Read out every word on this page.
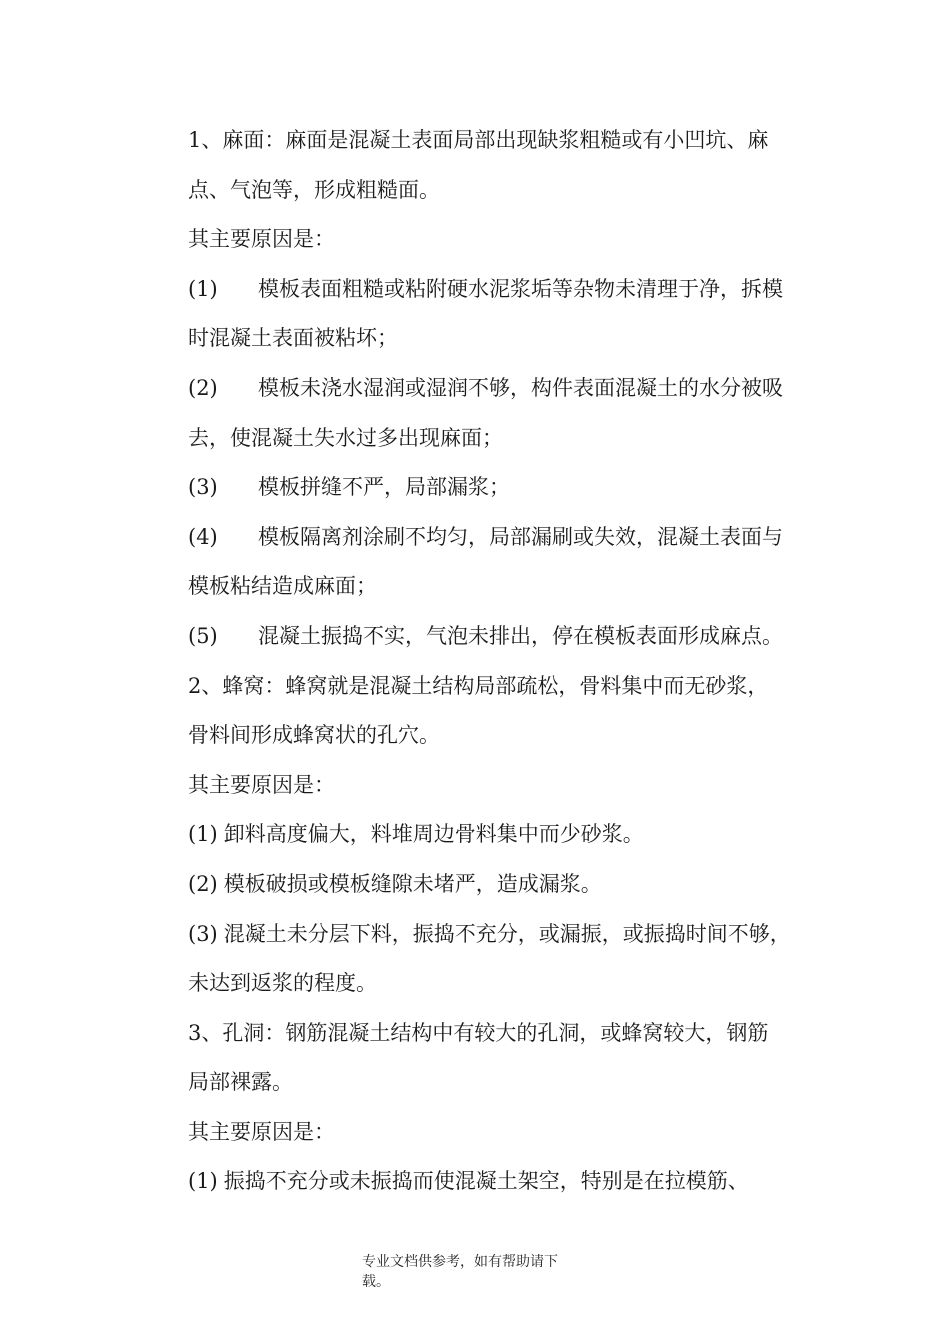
1、麻面：麻面是混凝土表面局部出现缺浆粗糙或有小凹坑、麻
点、气泡等，形成粗糙面。
其主要原因是：
(1) 模板表面粗糙或粘附硬水泥浆垢等杂物未清理于净，拆模
时混凝土表面被粘坏；
(2) 模板未浇水湿润或湿润不够，构件表面混凝土的水分被吸
去，使混凝土失水过多出现麻面；
(3) 模板拼缝不严，局部漏浆；
(4) 模板隔离剂涂刷不均匀，局部漏刷或失效，混凝土表面与
模板粘结造成麻面；
(5) 混凝土振捣不实，气泡未排出，停在模板表面形成麻点。
2、蜂窝：蜂窝就是混凝土结构局部疏松，骨料集中而无砂浆，
骨料间形成蜂窝状的孔穴。
其主要原因是：
(1) 卸料高度偏大，料堆周边骨料集中而少砂浆。
(2) 模板破损或模板缝隙未堵严，造成漏浆。
(3) 混凝土未分层下料，振捣不充分，或漏振，或振捣时间不够，
未达到返浆的程度。
3、孔洞：钢筋混凝土结构中有较大的孔洞，或蜂窝较大，钢筋
局部裸露。
其主要原因是：
(1) 振捣不充分或未振捣而使混凝土架空，特别是在拉模筋、
专业文档供参考，如有帮助请下
载。
